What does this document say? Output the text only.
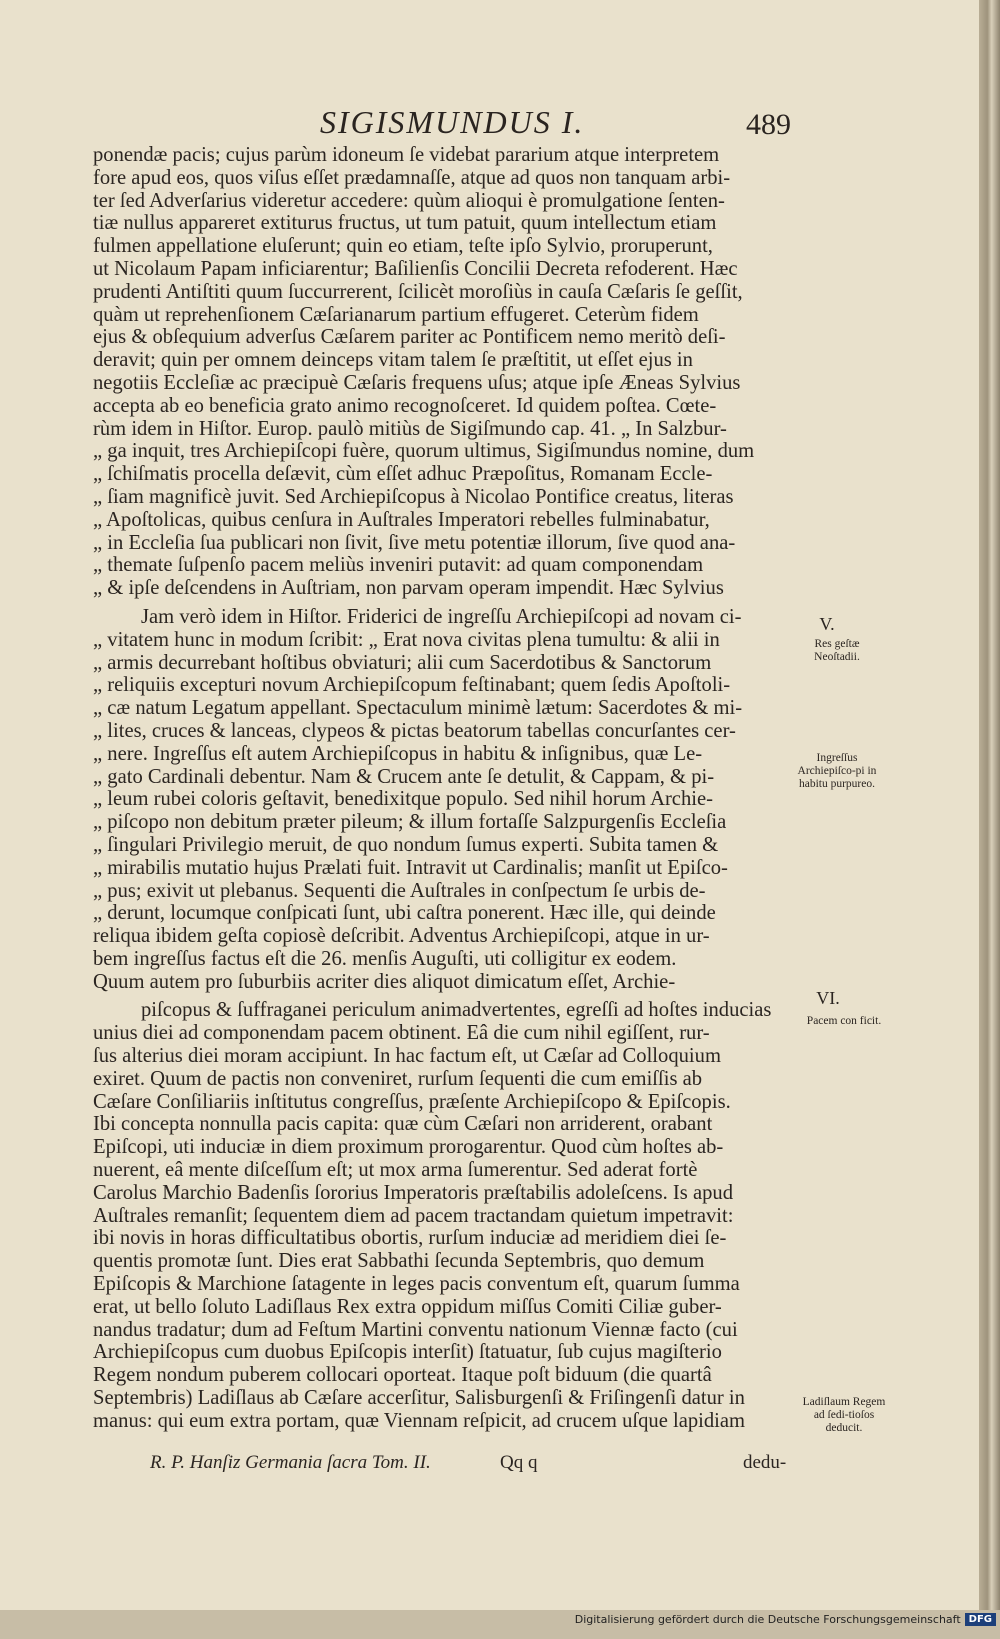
SIGISMUNDUS I.	489
ponendæ pacis; cujus parùm idoneum ſe videbat pararium atque interpretem
fore apud eos, quos viſus eſſet prædamnaſſe, atque ad quos non tanquam arbi-
ter ſed Adverſarius videretur accedere: quùm alioqui è promulgatione ſenten-
tiæ nullus appareret extiturus fructus, ut tum patuit, quum intellectum etiam
fulmen appellatione eluſerunt; quin eo etiam, teſte ipſo Sylvio, proruperunt,
ut Nicolaum Papam inficiarentur; Baſilienſis Concilii Decreta refoderent. Hæc
prudenti Antiſtiti quum ſuccurrerent, ſcilicèt moroſiùs in cauſa Cæſaris ſe geſſit,
quàm ut reprehenſionem Cæſarianarum partium effugeret. Ceterùm fidem
ejus & obſequium adverſus Cæſarem pariter ac Pontificem nemo meritò deſi-
deravit; quin per omnem deinceps vitam talem ſe præſtitit, ut eſſet ejus in
negotiis Eccleſiæ ac præcipuè Cæſaris frequens uſus; atque ipſe Æneas Sylvius
accepta ab eo beneficia grato animo recognoſceret. Id quidem poſtea. Cœte-
rùm idem in Hiſtor. Europ. paulò mitiùs de Sigiſmundo cap. 41. „ In Salzbur-
„ ga inquit, tres Archiepiſcopi fuère, quorum ultimus, Sigiſmundus nomine, dum
„ ſchiſmatis procella deſævit, cùm eſſet adhuc Præpoſitus, Romanam Eccle-
„ ſiam magnificè juvit. Sed Archiepiſcopus à Nicolao Pontifice creatus, literas
„ Apoſtolicas, quibus cenſura in Auſtrales Imperatori rebelles fulminabatur,
„ in Eccleſia ſua publicari non ſivit, ſive metu potentiæ illorum, ſive quod ana-
„ themate ſuſpenſo pacem meliùs inveniri putavit: ad quam componendam
„ & ipſe deſcendens in Auſtriam, non parvam operam impendit. Hæc Sylvius
Jam verò idem in Hiſtor. Friderici de ingreſſu Archiepiſcopi ad novam ci-
„ vitatem hunc in modum ſcribit: „ Erat nova civitas plena tumultu: & alii in
„ armis decurrebant hoſtibus obviaturi; alii cum Sacerdotibus & Sanctorum
„ reliquiis excepturi novum Archiepiſcopum feſtinabant; quem ſedis Apoſtoli-
„ cæ natum Legatum appellant. Spectaculum minimè lætum: Sacerdotes & mi-
„ lites, cruces & lanceas, clypeos & pictas beatorum tabellas concurſantes cer-
„ nere. Ingreſſus eſt autem Archiepiſcopus in habitu & inſignibus, quæ Le-
„ gato Cardinali debentur. Nam & Crucem ante ſe detulit, & Cappam, & pi-
„ leum rubei coloris geſtavit, benedixitque populo. Sed nihil horum Archie-
„ piſcopo non debitum præter pileum; & illum fortaſſe Salzpurgenſis Eccleſia
„ ſingulari Privilegio meruit, de quo nondum ſumus experti. Subita tamen &
„ mirabilis mutatio hujus Prælati fuit. Intravit ut Cardinalis; manſit ut Epiſco-
„ pus; exivit ut plebanus. Sequenti die Auſtrales in conſpectum ſe urbis de-
„ derunt, locumque conſpicati ſunt, ubi caſtra ponerent. Hæc ille, qui deinde
reliqua ibidem geſta copiosè deſcribit. Adventus Archiepiſcopi, atque in ur-
bem ingreſſus factus eſt die 26. menſis Auguſti, uti colligitur ex eodem.
Quum autem pro ſuburbiis acriter dies aliquot dimicatum eſſet, Archie-
piſcopus & ſuffraganei periculum animadvertentes, egreſſi ad hoſtes inducias
unius diei ad componendam pacem obtinent. Eâ die cum nihil egiſſent, rur-
ſus alterius diei moram accipiunt. In hac factum eſt, ut Cæſar ad Colloquium
exiret. Quum de pactis non conveniret, rurſum ſequenti die cum emiſſis ab
Cæſare Conſiliariis inſtitutus congreſſus, præſente Archiepiſcopo & Epiſcopis.
Ibi concepta nonnulla pacis capita: quæ cùm Cæſari non arriderent, orabant
Epiſcopi, uti induciæ in diem proximum prorogarentur. Quod cùm hoſtes ab-
nuerent, eâ mente diſceſſum eſt; ut mox arma ſumerentur. Sed aderat fortè
Carolus Marchio Badenſis ſororius Imperatoris præſtabilis adoleſcens. Is apud
Auſtrales remanſit; ſequentem diem ad pacem tractandam quietum impetravit:
ibi novis in horas difficultatibus obortis, rurſum induciæ ad meridiem diei ſe-
quentis promotæ ſunt. Dies erat Sabbathi ſecunda Septembris, quo demum
Epiſcopis & Marchione ſatagente in leges pacis conventum eſt, quarum ſumma
erat, ut bello ſoluto Ladiſlaus Rex extra oppidum miſſus Comiti Ciliæ guber-
nandus tradatur; dum ad Feſtum Martini conventu nationum Viennæ facto (cui
Archiepiſcopus cum duobus Epiſcopis interſit) ſtatuatur, ſub cujus magiſterio
Regem nondum puberem collocari oporteat. Itaque poſt biduum (die quartâ
Septembris) Ladiſlaus ab Cæſare accerſitur, Salisburgenſi & Friſingenſi datur in
manus: qui eum extra portam, quæ Viennam reſpicit, ad crucem uſque lapidiam
V.
Res geſtæ Neoſtadii.
Ingreſſus Archiepiſco-pi in habitu purpureo.
VI.
Pacem con ficit.
Ladiſlaum Regem ad ſedi-tioſos deducit.
R. P. Hanſiz Germania ſacra Tom. II.	Qq q	dedu-
Digitalisierung gefördert durch die Deutsche Forschungsgemeinschaft DFG
